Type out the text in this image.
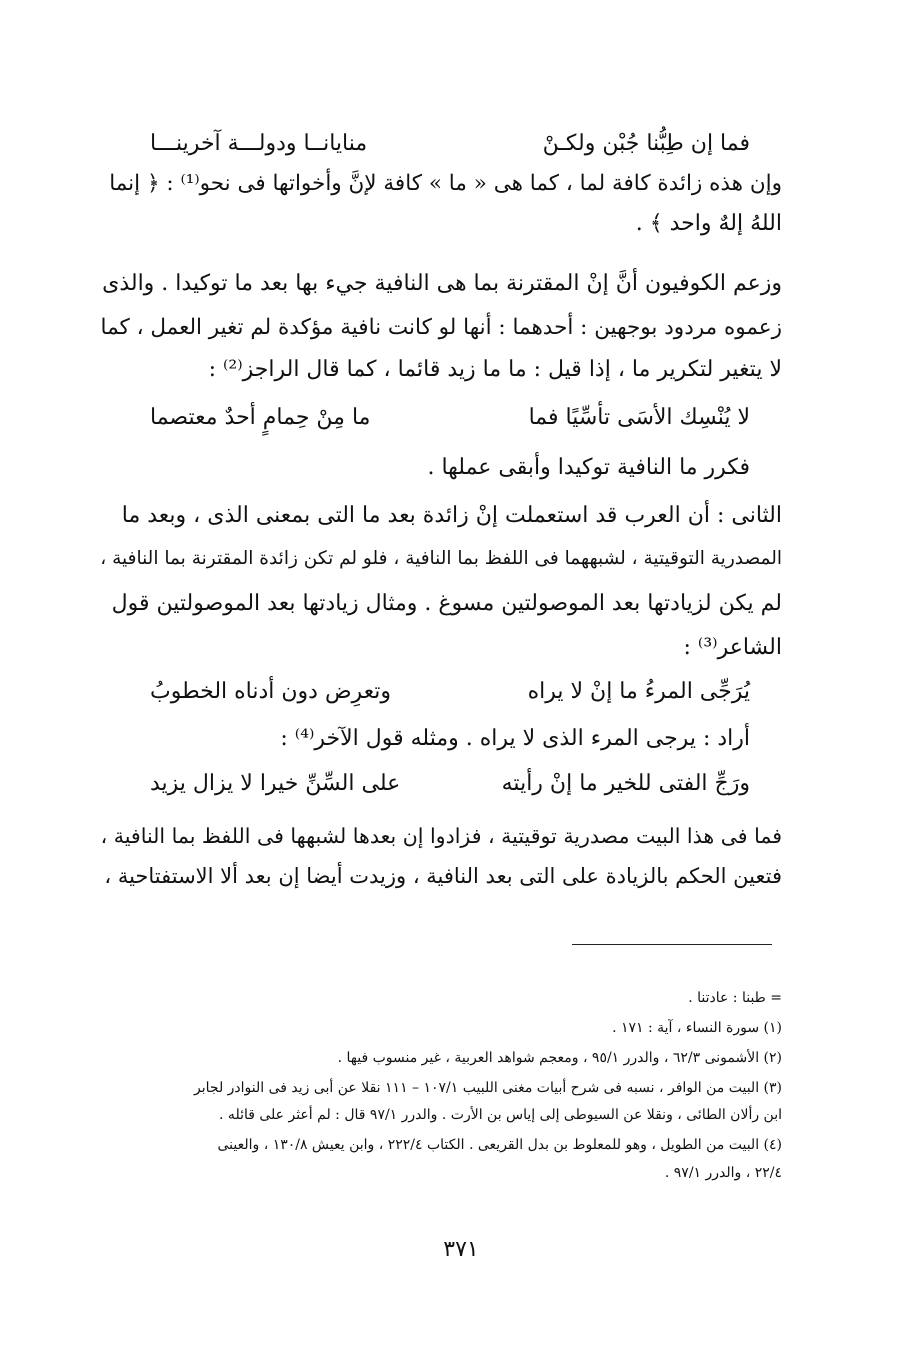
فما إن طِبُّنا جُبْن ولكـنْ
منايانــا ودولـــة آخرينـــا
وإن هذه زائدة كافة لما ، كما هى « ما » كافة لإنَّ وأخواتها فى نحو⁽¹⁾ : ﴿ إنما
اللهُ إلهٌ واحد ﴾ .
وزعم الكوفيون أنَّ إنْ المقترنة بما هى النافية جيء بها بعد ما توكيدا . والذى
زعموه مردود بوجهين : أحدهما : أنها لو كانت نافية مؤكدة لم تغير العمل ، كما
لا يتغير لتكرير ما ، إذا قيل : ما ما زيد قائما ، كما قال الراجز⁽²⁾ :
لا يُنْسِك الأسَى تأسِّيًا فما
ما مِنْ حِمامٍ أحدٌ معتصما
فكرر ما النافية توكيدا وأبقى عملها .
الثانى : أن العرب قد استعملت إنْ زائدة بعد ما التى بمعنى الذى ، وبعد ما
المصدرية التوقيتية ، لشبههما فى اللفظ بما النافية ، فلو لم تكن زائدة المقترنة بما النافية ،
لم يكن لزيادتها بعد الموصولتين مسوغ . ومثال زيادتها بعد الموصولتين قول
الشاعر⁽³⁾ :
يُرَجِّى المرءُ ما إنْ لا يراه
وتعرِض دون أدناه الخطوبُ
أراد : يرجى المرء الذى لا يراه . ومثله قول الآخر⁽⁴⁾ :
ورَجِّ الفتى للخير ما إنْ رأيته
على السِّنِّ خيرا لا يزال يزيد
فما فى هذا البيت مصدرية توقيتية ، فزادوا إن بعدها لشبهها فى اللفظ بما النافية ،
فتعين الحكم بالزيادة على التى بعد النافية ، وزيدت أيضا إن بعد ألا الاستفتاحية ،
= طبنا : عادتنا .
(١) سورة النساء ، آية : ١٧١ .
(٢) الأشمونى ٦٢/٣ ، والدرر ٩٥/١ ، ومعجم شواهد العربية ، غير منسوب فيها .
(٣) البيت من الوافر ، نسبه فى شرح أبيات مغنى اللبيب ١٠٧/١ – ١١١ نقلا عن أبى زيد فى النوادر لجابر
ابن رألان الطائى ، ونقلا عن السيوطى إلى إياس بن الأرت . والدرر ٩٧/١ قال : لم أعثر على قائله .
(٤) البيت من الطويل ، وهو للمعلوط بن بدل القريعى . الكتاب ٢٢٢/٤ ، وابن يعيش ١٣٠/٨ ، والعينى
٢٢/٤ ، والدرر ٩٧/١ .
٣٧١
